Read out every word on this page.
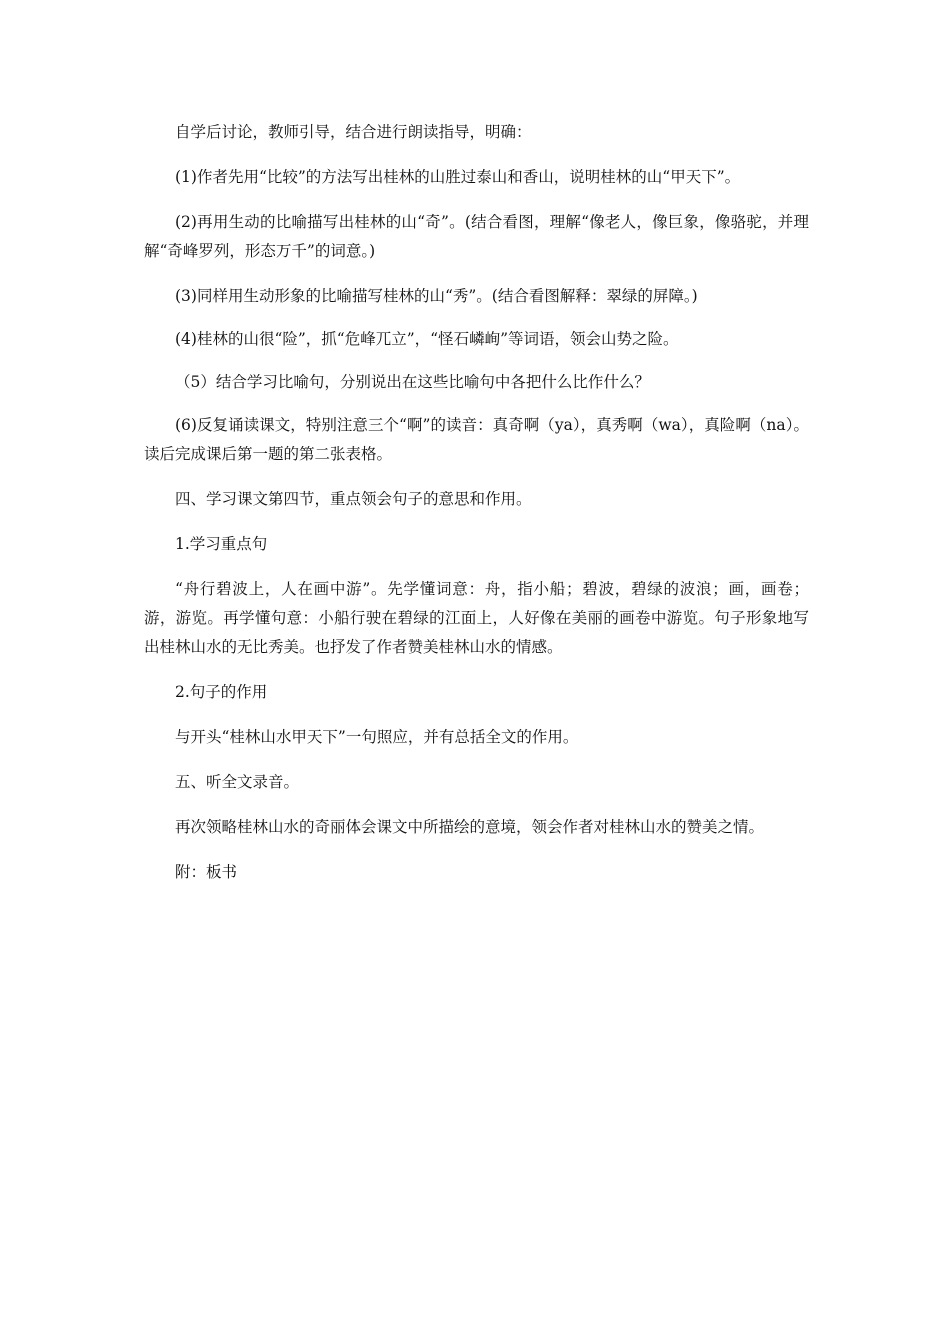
自学后讨论，教师引导，结合进行朗读指导，明确：

(1)作者先用“比较”的方法写出桂林的山胜过泰山和香山，说明桂林的山“甲天下”。

(2)再用生动的比喻描写出桂林的山“奇”。(结合看图，理解“像老人，像巨象，像骆驼，并理解“奇峰罗列，形态万千”的词意。)

(3)同样用生动形象的比喻描写桂林的山“秀”。(结合看图解释：翠绿的屏障。)

(4)桂林的山很“险”，抓“危峰兀立”，“怪石嶙峋”等词语，领会山势之险。

（5）结合学习比喻句，分别说出在这些比喻句中各把什么比作什么？

(6)反复诵读课文，特别注意三个“啊”的读音：真奇啊（ya），真秀啊（wa），真险啊（na）。读后完成课后第一题的第二张表格。

四、学习课文第四节，重点领会句子的意思和作用。

1.学习重点句

“舟行碧波上，人在画中游”。先学懂词意：舟，指小船；碧波，碧绿的波浪；画，画卷；游，游览。再学懂句意：小船行驶在碧绿的江面上，人好像在美丽的画卷中游览。句子形象地写出桂林山水的无比秀美。也抒发了作者赞美桂林山水的情感。

2.句子的作用

与开头“桂林山水甲天下”一句照应，并有总括全文的作用。

五、听全文录音。

再次领略桂林山水的奇丽体会课文中所描绘的意境，领会作者对桂林山水的赞美之情。

附：板书
